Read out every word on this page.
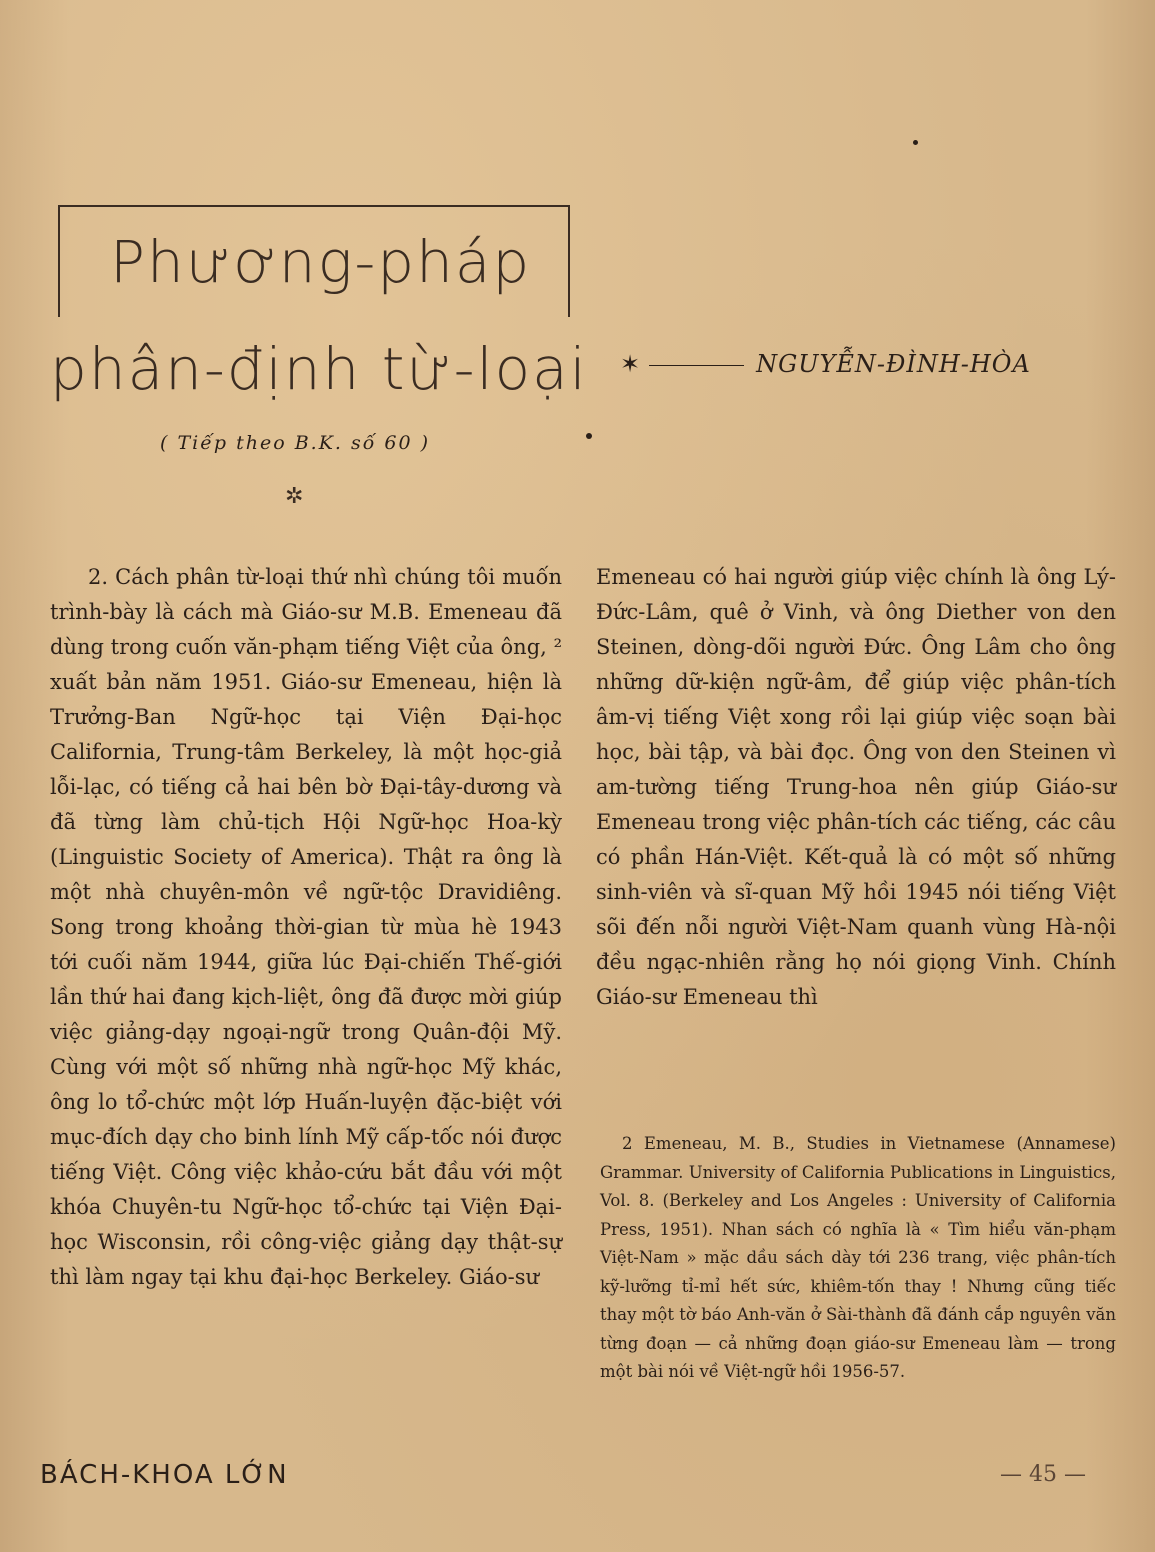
Phương-pháp
phân-định từ-loại ✶	NGUYỄN-ĐÌNH-HÒA
( Tiếp theo B.K. số 60 )
✲

2. Cách phân từ-loại thứ nhì chúng tôi muốn trình-bày là cách mà Giáo-sư M.B. Emeneau đã dùng trong cuốn văn-phạm tiếng Việt của ông, ² xuất bản năm 1951. Giáo-sư Emeneau, hiện là Trưởng-Ban Ngữ-học tại Viện Đại-học California, Trung-tâm Berkeley, là một học-giả lỗi-lạc, có tiếng cả hai bên bờ Đại-tây-dương và đã từng làm chủ-tịch Hội Ngữ-học Hoa-kỳ (Linguistic Society of America). Thật ra ông là một nhà chuyên-môn về ngữ-tộc Dravidiêng. Song trong khoảng thời-gian từ mùa hè 1943 tới cuối năm 1944, giữa lúc Đại-chiến Thế-giới lần thứ hai đang kịch-liệt, ông đã được mời giúp việc giảng-dạy ngoại-ngữ trong Quân-đội Mỹ. Cùng với một số những nhà ngữ-học Mỹ khác, ông lo tổ-chức một lớp Huấn-luyện đặc-biệt với mục-đích dạy cho binh lính Mỹ cấp-tốc nói được tiếng Việt. Công việc khảo-cứu bắt đầu với một khóa Chuyên-tu Ngữ-học tổ-chức tại Viện Đại-học Wisconsin, rồi công-việc giảng dạy thật-sự thì làm ngay tại khu đại-học Berkeley. Giáo-sư

Emeneau có hai người giúp việc chính là ông Lý-Đức-Lâm, quê ở Vinh, và ông Diether von den Steinen, dòng-dõi người Đức. Ông Lâm cho ông những dữ-kiện ngữ-âm, để giúp việc phân-tích âm-vị tiếng Việt xong rồi lại giúp việc soạn bài học, bài tập, và bài đọc. Ông von den Steinen vì am-tường tiếng Trung-hoa nên giúp Giáo-sư Emeneau trong việc phân-tích các tiếng, các câu có phần Hán-Việt. Kết-quả là có một số những sinh-viên và sĩ-quan Mỹ hồi 1945 nói tiếng Việt sõi đến nỗi người Việt-Nam quanh vùng Hà-nội đều ngạc-nhiên rằng họ nói giọng Vinh. Chính Giáo-sư Emeneau thì

2 Emeneau, M. B., Studies in Vietnamese (Annamese) Grammar. University of California Publications in Linguistics, Vol. 8. (Berkeley and Los Angeles : University of California Press, 1951). Nhan sách có nghĩa là « Tìm hiểu văn-phạm Việt-Nam » mặc dầu sách dày tới 236 trang, việc phân-tích kỹ-lưỡng tỉ-mỉ hết sức, khiêm-tốn thay ! Nhưng cũng tiếc thay một tờ báo Anh-văn ở Sài-thành đã đánh cắp nguyên văn từng đoạn — cả những đoạn giáo-sư Emeneau làm — trong một bài nói về Việt-ngữ hồi 1956-57.

BÁCH-KHOA LỚN	— 45 —
